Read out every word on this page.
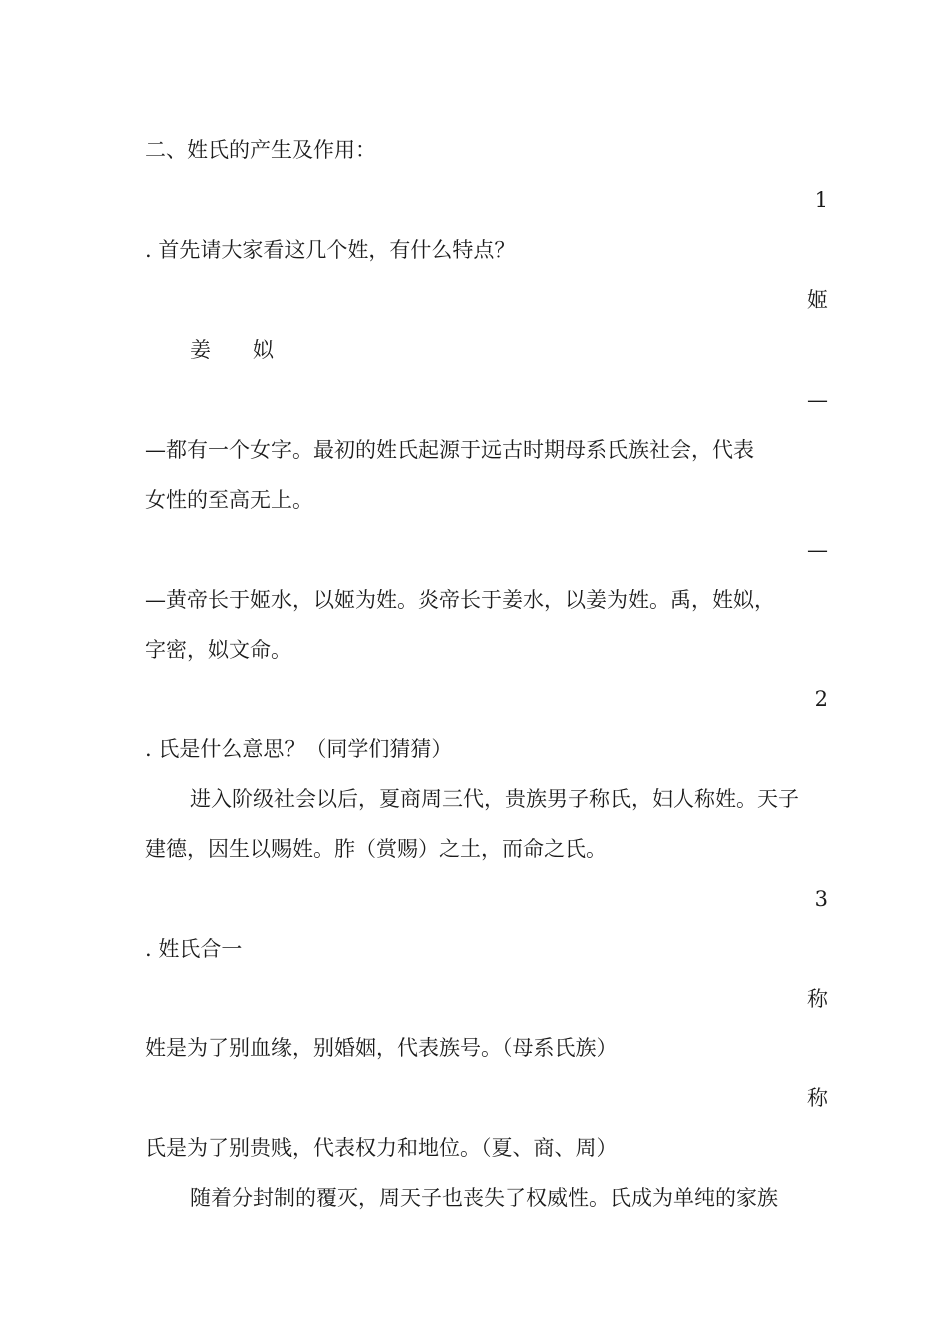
二、姓氏的产生及作用：
1
. 首先请大家看这几个姓，有什么特点？
姬
姜　　姒
—
—都有一个女字。最初的姓氏起源于远古时期母系氏族社会，代表
女性的至高无上。
—
—黄帝长于姬水，以姬为姓。炎帝长于姜水，以姜为姓。禹，姓姒，
字密，姒文命。
2
. 氏是什么意思？（同学们猜猜）
进入阶级社会以后，夏商周三代，贵族男子称氏，妇人称姓。天子
建德，因生以赐姓。胙（赏赐）之土，而命之氏。
3
. 姓氏合一
称
姓是为了别血缘，别婚姻，代表族号。（母系氏族）
称
氏是为了别贵贱，代表权力和地位。（夏、商、周）
随着分封制的覆灭，周天子也丧失了权威性。氏成为单纯的家族
